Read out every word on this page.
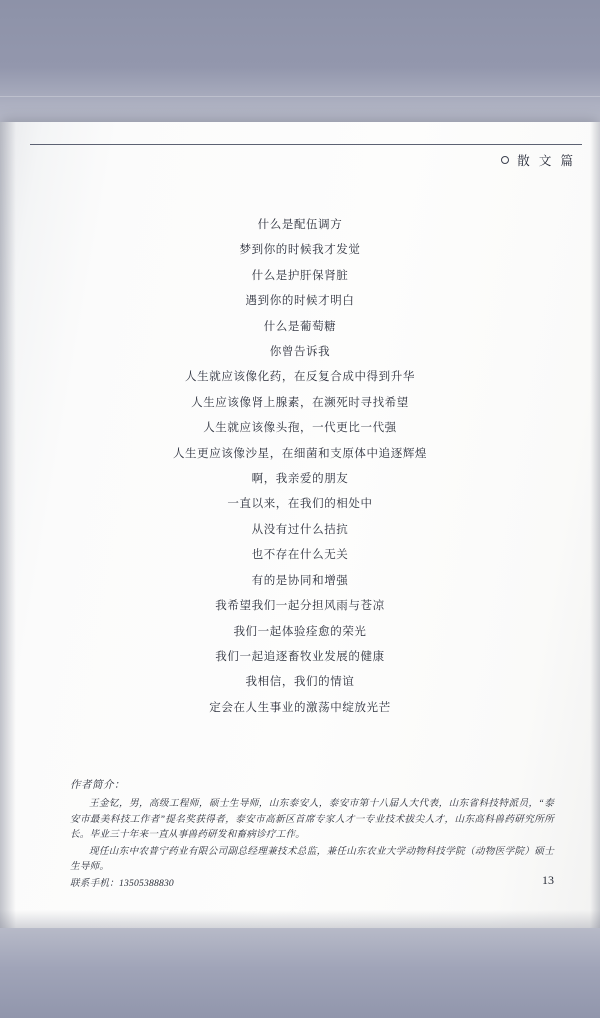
散 文 篇
什么是配伍调方
梦到你的时候我才发觉
什么是护肝保肾脏
遇到你的时候才明白
什么是葡萄糖
你曾告诉我
人生就应该像化药，在反复合成中得到升华
人生应该像肾上腺素，在濒死时寻找希望
人生就应该像头孢，一代更比一代强
人生更应该像沙星，在细菌和支原体中追逐辉煌
啊，我亲爱的朋友
一直以来，在我们的相处中
从没有过什么拮抗
也不存在什么无关
有的是协同和增强
我希望我们一起分担风雨与苍凉
我们一起体验痊愈的荣光
我们一起追逐畜牧业发展的健康
我相信，我们的情谊
定会在人生事业的激荡中绽放光芒
作者简介：

王金钇，男，高级工程师，硕士生导师，山东泰安人，泰安市第十八届人大代表，山东省科技特派员，“泰安市最美科技工作者”提名奖获得者，泰安市高新区首席专家人才一专业技术拔尖人才，山东高科兽药研究所所长。毕业三十年来一直从事兽药研发和畜病诊疗工作。

现任山东中农普宁药业有限公司副总经理兼技术总监，兼任山东农业大学动物科技学院（动物医学院）硕士生导师。

联系手机：13505388830	13
